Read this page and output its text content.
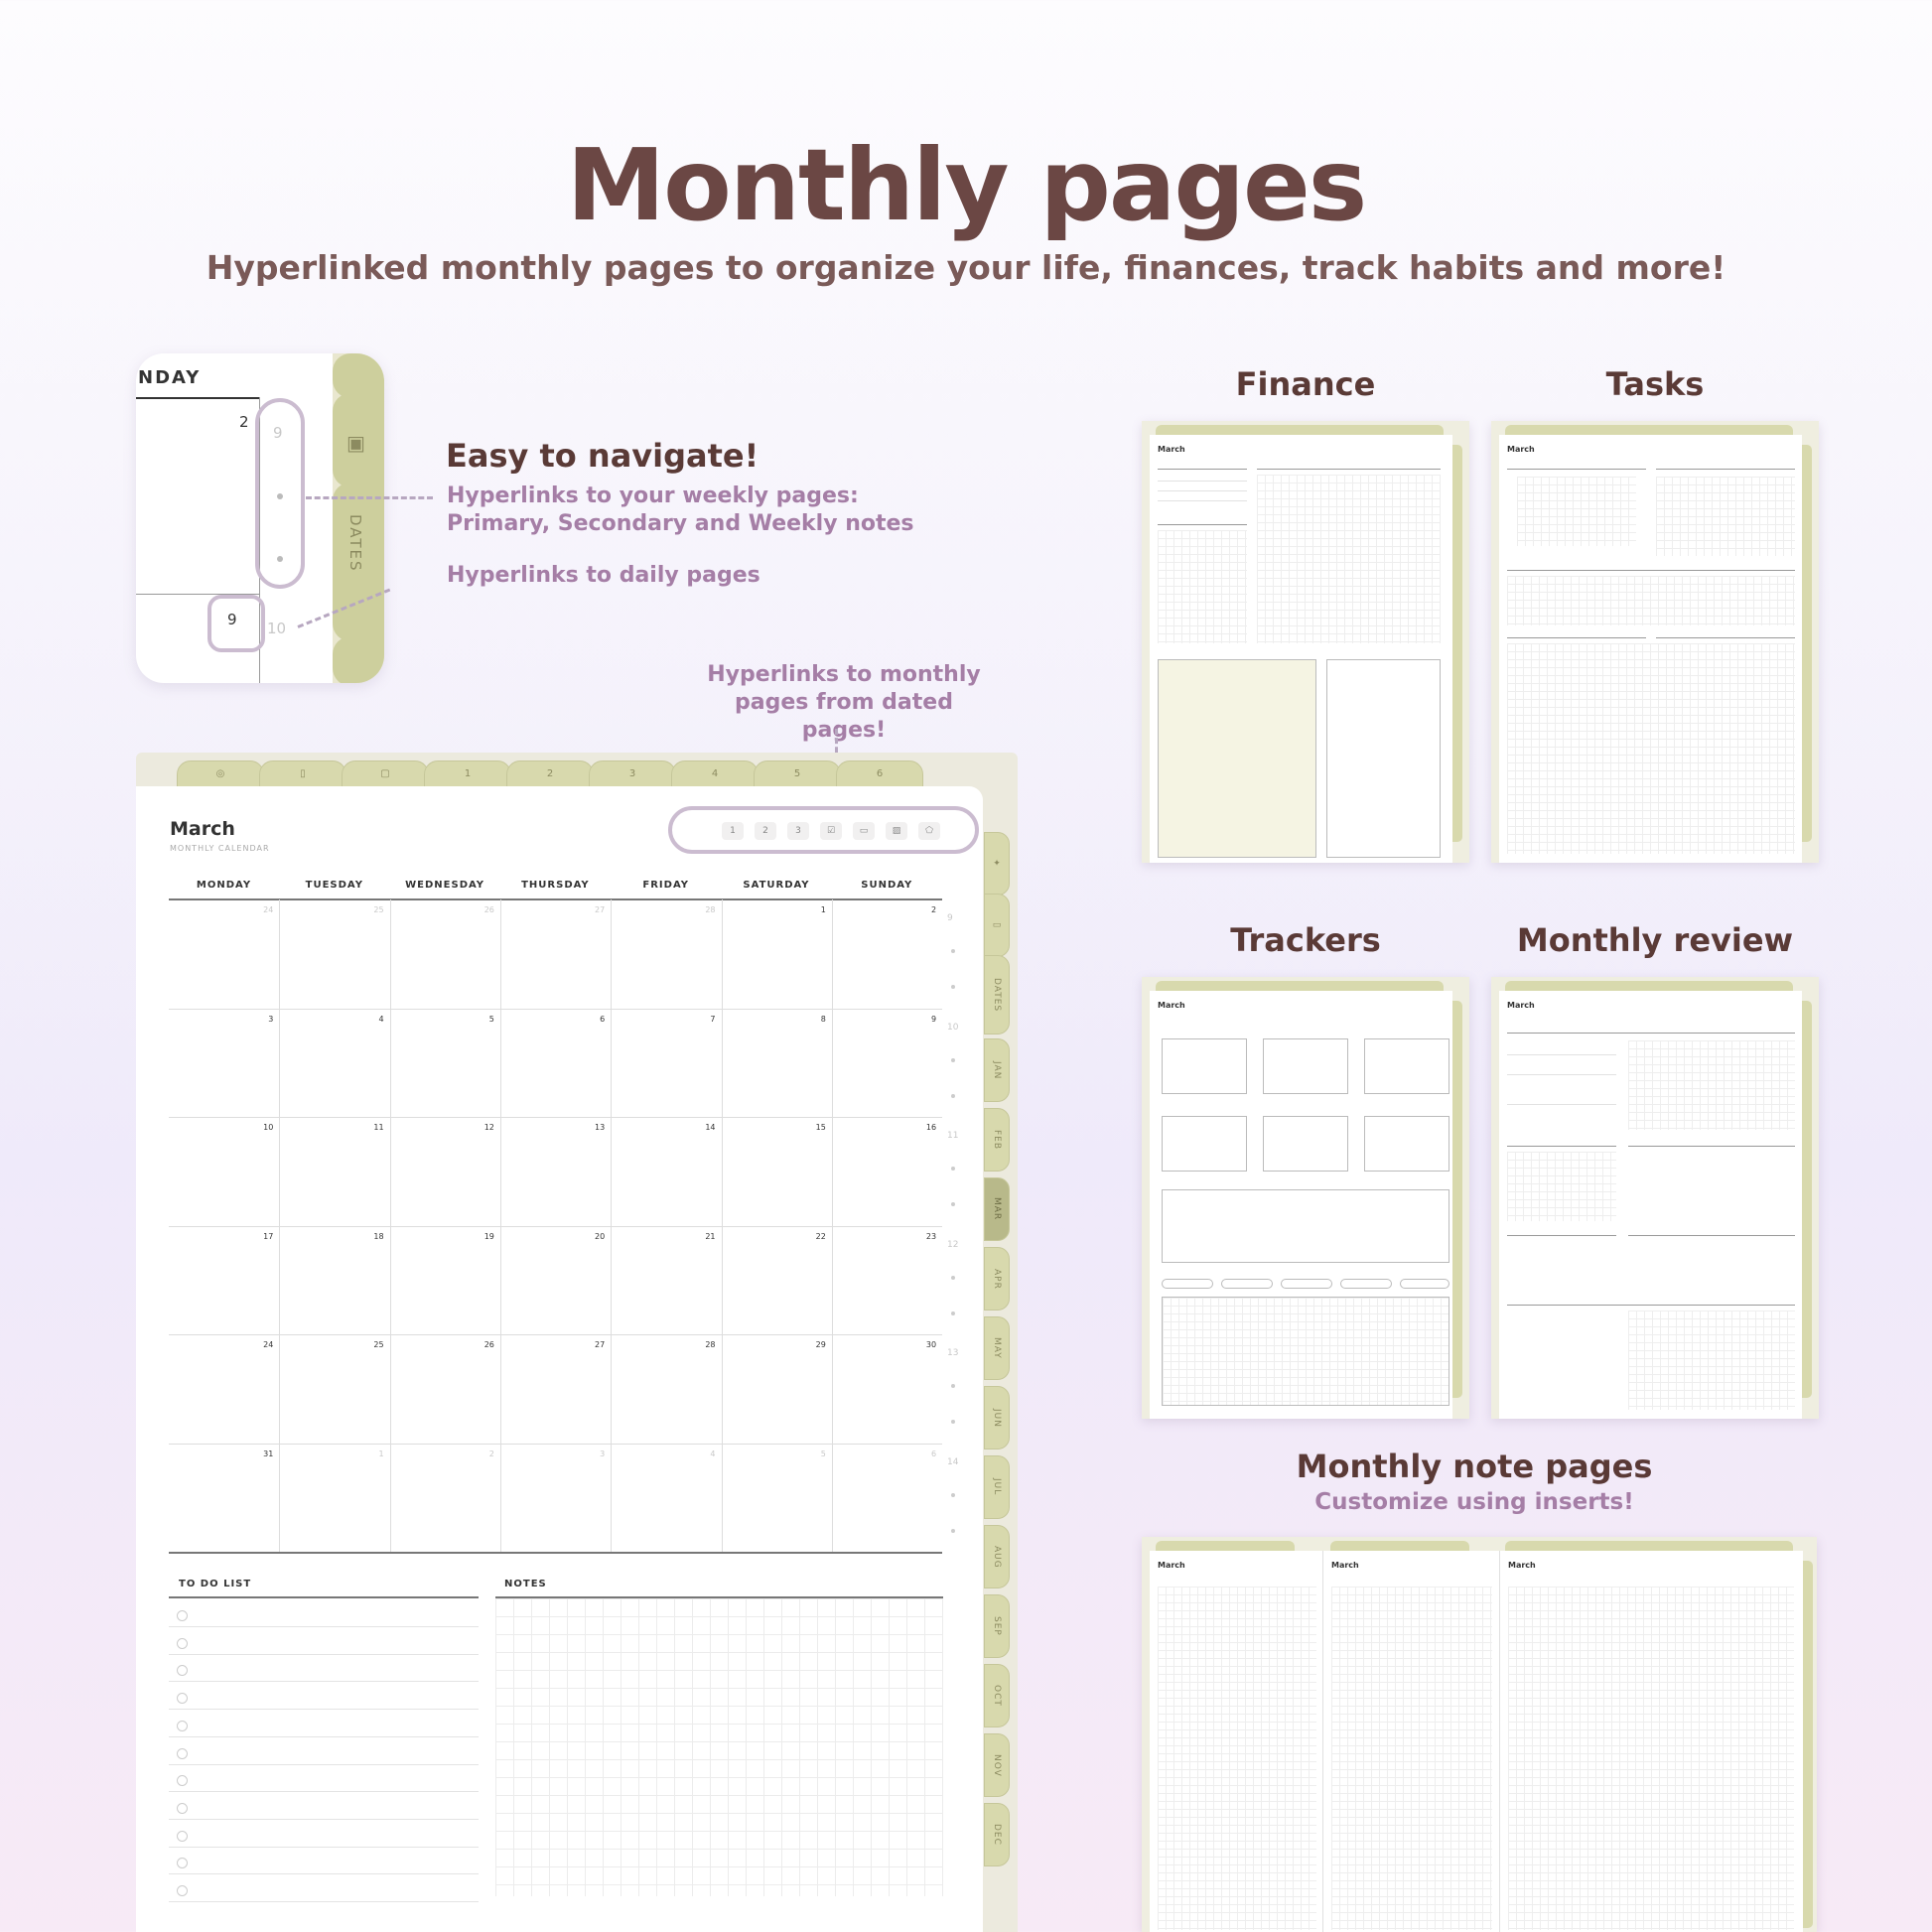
Monthly pages
Hyperlinked monthly pages to organize your life, finances, track habits and more!
NDAY
2
▣
DATES
9
9 10
Easy to navigate!
Hyperlinks to your weekly pages:
Primary, Secondary and Weekly notes
Hyperlinks to daily pages
Hyperlinks to monthly
pages from dated pages!
◎	▯	▢	1	2	3	4	5	6
✦
▭
DATES
JAN
FEB
MAR
APR
MAY
JUN
JUL
AUG
SEP
OCT
NOV
DEC
March
MONTHLY CALENDAR
1	2	3	☑	▭	▨	⬠
MONDAY	TUESDAY	WEDNESDAY	THURSDAY	FRIDAY	SATURDAY	SUNDAY
24	25	26	27	28	1	2
3	4	5	6	7	8	9
10	11	12	13	14	15	16
17	18	19	20	21	22	23
24	25	26	27	28	29	30
31	1	2	3	4	5	6
9
10
11
12
13
14
TO DO LIST	NOTES
Finance	Tasks
Trackers	Monthly review
Monthly note pages
Customize using inserts!
March	March
March	March
March	March	March
